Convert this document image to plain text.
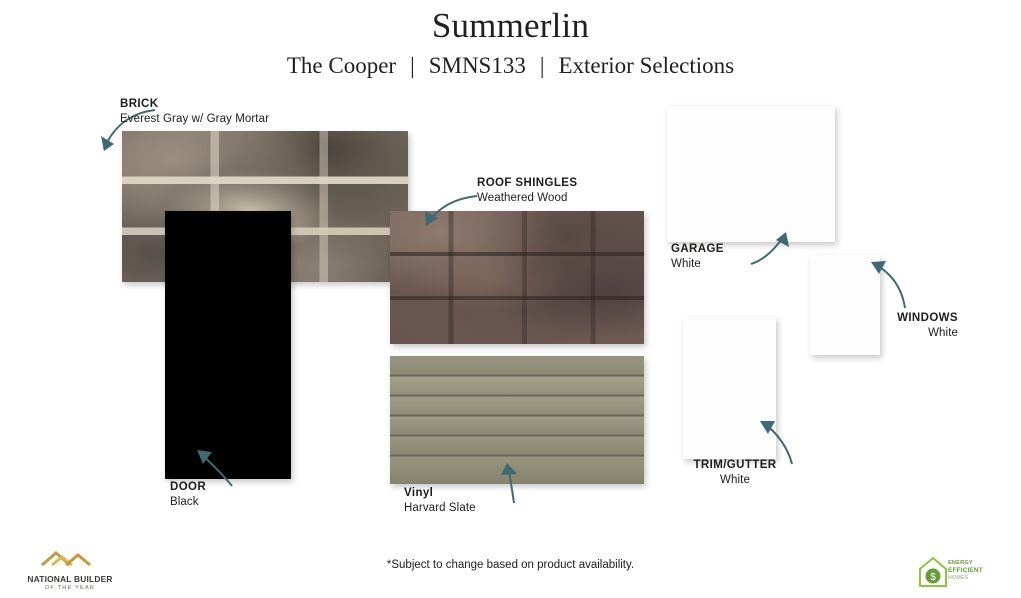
Summerlin
The Cooper | SMNS133 | Exterior Selections
BRICK
Everest Gray w/ Gray Mortar
ROOF SHINGLES
Weathered Wood
GARAGE
White
WINDOWS
White
TRIM/GUTTER
White
DOOR
Black
Vinyl
Harvard Slate
*Subject to change based on product availability.
NATIONAL BUILDER
OF THE YEAR
$
ENERGY
EFFICIENT
HOMES
